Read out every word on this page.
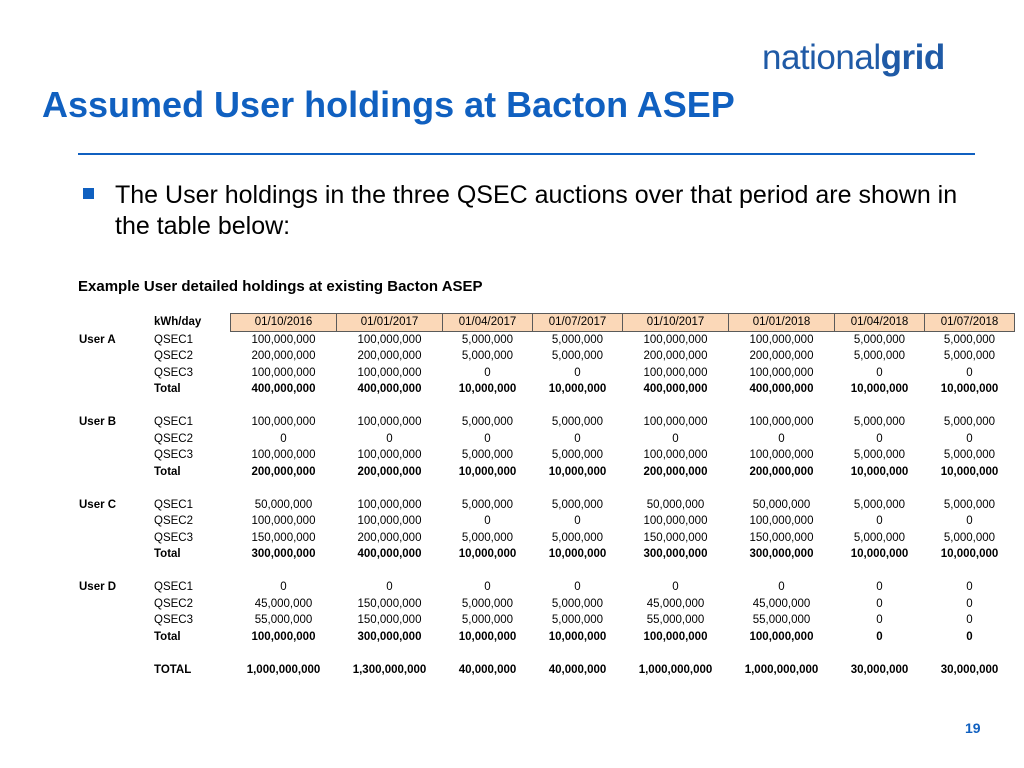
nationalgrid
Assumed User holdings at Bacton ASEP

The User holdings in the three QSEC auctions over that period are shown in the table below:

Example User detailed holdings at existing Bacton ASEP

	kWh/day	01/10/2016	01/01/2017	01/04/2017	01/07/2017	01/10/2017	01/01/2018	01/04/2018	01/07/2018
User A	QSEC1	100,000,000	100,000,000	5,000,000	5,000,000	100,000,000	100,000,000	5,000,000	5,000,000
	QSEC2	200,000,000	200,000,000	5,000,000	5,000,000	200,000,000	200,000,000	5,000,000	5,000,000
	QSEC3	100,000,000	100,000,000	0	0	100,000,000	100,000,000	0	0
	Total	400,000,000	400,000,000	10,000,000	10,000,000	400,000,000	400,000,000	10,000,000	10,000,000

User B	QSEC1	100,000,000	100,000,000	5,000,000	5,000,000	100,000,000	100,000,000	5,000,000	5,000,000
	QSEC2	0	0	0	0	0	0	0	0
	QSEC3	100,000,000	100,000,000	5,000,000	5,000,000	100,000,000	100,000,000	5,000,000	5,000,000
	Total	200,000,000	200,000,000	10,000,000	10,000,000	200,000,000	200,000,000	10,000,000	10,000,000

User C	QSEC1	50,000,000	100,000,000	5,000,000	5,000,000	50,000,000	50,000,000	5,000,000	5,000,000
	QSEC2	100,000,000	100,000,000	0	0	100,000,000	100,000,000	0	0
	QSEC3	150,000,000	200,000,000	5,000,000	5,000,000	150,000,000	150,000,000	5,000,000	5,000,000
	Total	300,000,000	400,000,000	10,000,000	10,000,000	300,000,000	300,000,000	10,000,000	10,000,000

User D	QSEC1	0	0	0	0	0	0	0	0
	QSEC2	45,000,000	150,000,000	5,000,000	5,000,000	45,000,000	45,000,000	0	0
	QSEC3	55,000,000	150,000,000	5,000,000	5,000,000	55,000,000	55,000,000	0	0
	Total	100,000,000	300,000,000	10,000,000	10,000,000	100,000,000	100,000,000	0	0

	TOTAL	1,000,000,000	1,300,000,000	40,000,000	40,000,000	1,000,000,000	1,000,000,000	30,000,000	30,000,000
19
